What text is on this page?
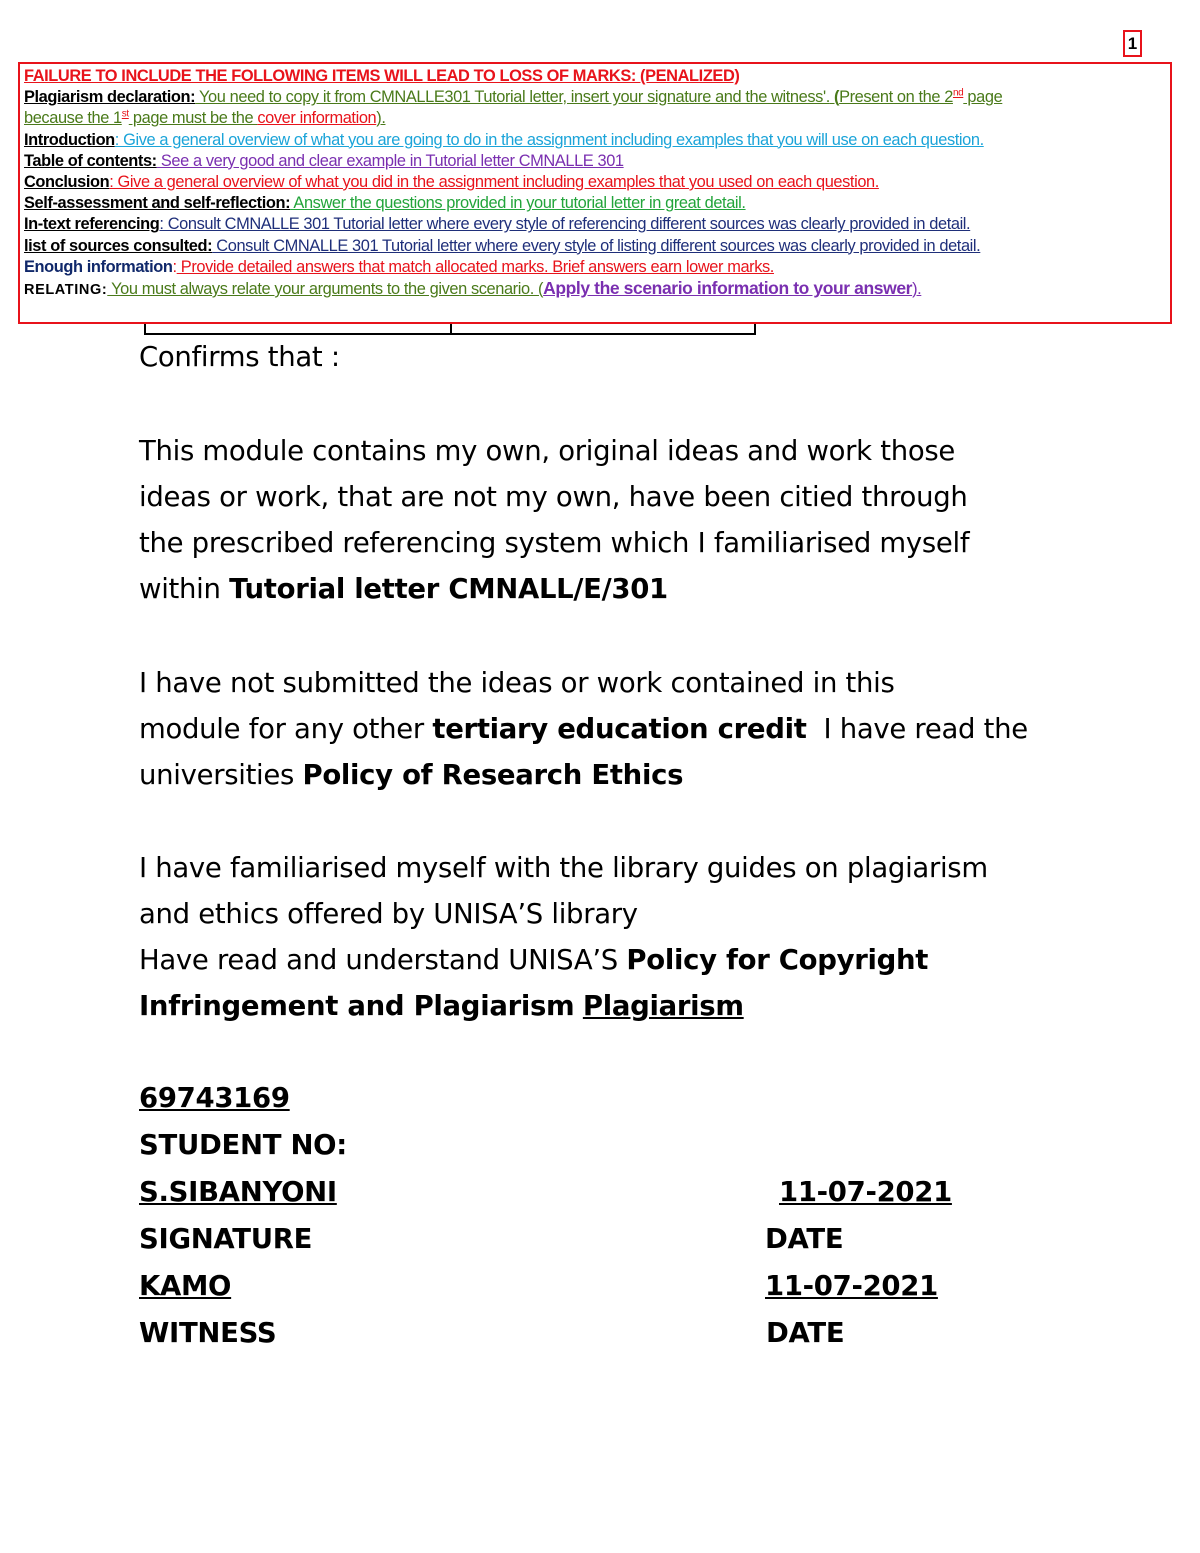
1
FAILURE TO INCLUDE THE FOLLOWING ITEMS WILL LEAD TO LOSS OF MARKS: (PENALIZED)
Plagiarism declaration: You need to copy it from CMNALLE301 Tutorial letter, insert your signature and the witness'. (Present on the 2nd page
because the 1st page must be the cover information).
Introduction: Give a general overview of what you are going to do in the assignment including examples that you will use on each question.
Table of contents: See a very good and clear example in Tutorial letter CMNALLE 301
Conclusion: Give a general overview of what you did in the assignment including examples that you used on each question.
Self-assessment and self-reflection: Answer the questions provided in your tutorial letter in great detail.
In-text referencing: Consult CMNALLE 301 Tutorial letter where every style of referencing different sources was clearly provided in detail.
list of sources consulted: Consult CMNALLE 301 Tutorial letter where every style of listing different sources was clearly provided in detail.
Enough information: Provide detailed answers that match allocated marks. Brief answers earn lower marks.
RELATING: You must always relate your arguments to the given scenario. (Apply the scenario information to your answer).

Confirms that :

This module contains my own, original ideas and work those

ideas or work, that are not my own, have been citied through

the prescribed referencing system which I familiarised myself

within Tutorial letter CMNALL/E/301

I have not submitted the ideas or work contained in this

module for any other tertiary education credit  I have read the

universities Policy of Research Ethics

I have familiarised myself with the library guides on plagiarism

and ethics offered by UNISA’S library

Have read and understand UNISA’S Policy for Copyright

Infringement and Plagiarism Plagiarism

69743169
STUDENT NO:
S.SIBANYONI	11-07-2021
SIGNATURE	DATE
KAMO	11-07-2021
WITNESS	DATE
